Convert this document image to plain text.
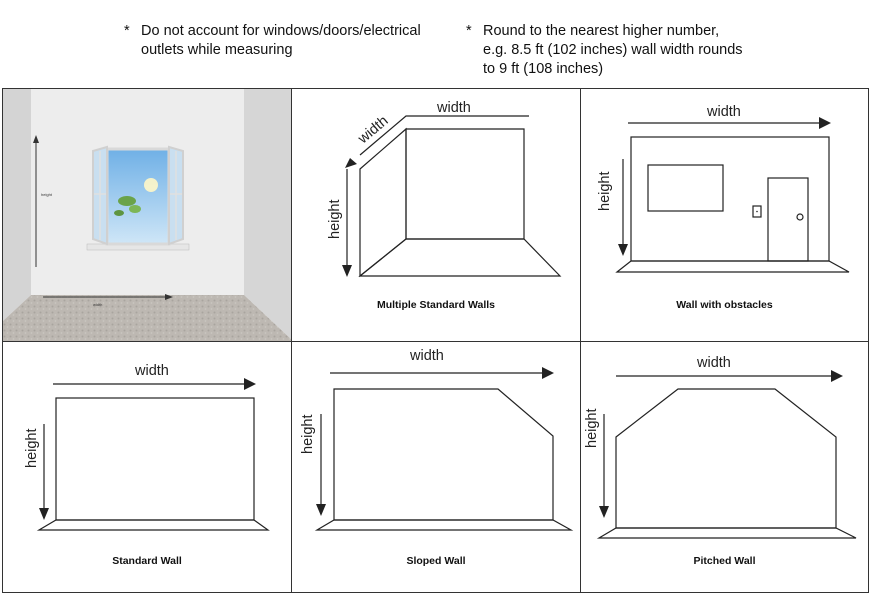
* Do not account for windows/doors/electrical outlets while measuring
* Round to the nearest higher number,
e.g. 8.5 ft (102 inches) wall width rounds
to 9 ft (108 inches)
height
width
width
width
height
Multiple Standard Walls
width
height
Wall with obstacles
width
height
Standard Wall
width
height
Sloped Wall
width
height
Pitched Wall
